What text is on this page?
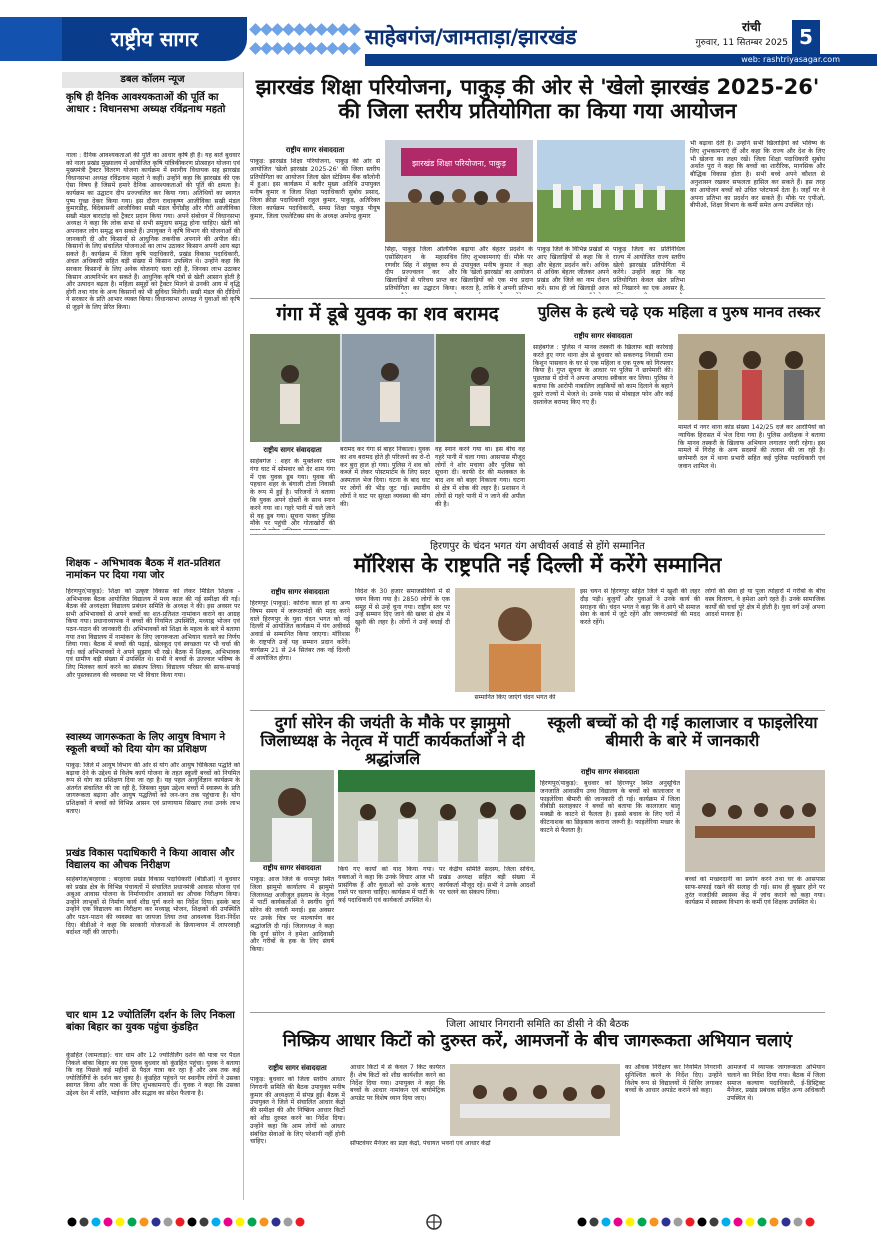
राष्ट्रीय सागर
	साहेबगंज/जामताड़ा/झारखंड	रांची
गुरुवार, 11 सितम्बर 2025 5
web: rashtriyasagar.com
डबल कॉलम न्यूज
कृषि ही दैनिक आवश्यकताओं की पूर्ति का आधार : विधानसभा अध्यक्ष रविंद्रनाथ महतो
नाला : दैनिक आवश्यकताओं की पूर्ति का आधार कृषि ही है। यह बातें बुधवार को नाला प्रखंड मुख्यालय में आयोजित कृषि यांत्रिकीकरण प्रोत्साहन योजना एवं मुख्यमंत्री ट्रैक्टर वितरण योजना कार्यक्रम में स्थानीय विधायक सह झारखंड विधानसभा अध्यक्ष रविंद्रनाथ महतो ने कहीं। उन्होंने कहा कि झारखंड की एक ऐसा विषय है जिसमें हमारे दैनिक आवश्यकताओं की पूर्ति की क्षमता है। कार्यक्रम का उद्घाटन दीप प्रज्ज्वलित कर किया गया। अतिथियों का स्वागत पुष्प गुच्छ देकर किया गया। इस दौरान राधाकृष्ण आजीविका सखी मंडल कुमारडीह, बिंदेबासनी आजीविका सखी मंडल चेंगोडीह और गौरी आजीविका सखी मंडल बाराटांड़ को ट्रैक्टर प्रदान किया गया। अपने संबोधन में विधानसभा अध्यक्ष ने कहा कि लोक सभा से सभी समुदाय समृद्ध होना चाहिए। खेती को अपनाकर लोग समृद्ध बन सकते हैं। उपायुक्त ने कृषि विभाग की योजनाओं की जानकारी दी और किसानों से आधुनिक तकनीक अपनाने की अपील की। किसानों के लिए संचालित योजनाओं का लाभ उठाकर किसान अपनी आय बढ़ा सकते हैं। कार्यक्रम में जिला कृषि पदाधिकारी, प्रखंड विकास पदाधिकारी, अंचल अधिकारी सहित बड़ी संख्या में किसान उपस्थित थे। उन्होंने कहा कि सरकार किसानों के लिए अनेक योजनाएं चला रही है, जिनका लाभ उठाकर किसान आत्मनिर्भर बन सकते हैं। आधुनिक कृषि यंत्रों से खेती आसान होती है और उत्पादन बढ़ता है। महिला समूहों को ट्रैक्टर मिलने से उनकी आय में वृद्धि होगी तथा गांव के अन्य किसानों को भी सुविधा मिलेगी। सखी मंडल की दीदियों ने सरकार के प्रति आभार व्यक्त किया। विधानसभा अध्यक्ष ने युवाओं को कृषि से जुड़ने के लिए प्रेरित किया।
शिक्षक - अभिभावक बैठक में शत-प्रतिशत नामांकन पर दिया गया जोर
हिरणपुर(पाकुड़): शिक्षा को उत्कृष्ट विकास को लेकर मिडिल शिक्षक - अभिभावक बैठक आयोजित विद्यालय में मध्य काल की नई समीक्षा की गई। बैठक की अध्यक्षता विद्यालय प्रबंधन समिति के अध्यक्ष ने की। इस अवसर पर सभी अभिभावकों से अपने बच्चों का शत-प्रतिशत नामांकन कराने का आग्रह किया गया। प्रधानाध्यापक ने बच्चों की नियमित उपस्थिति, मध्याह्न भोजन एवं पठन-पाठन की जानकारी दी। अभिभावकों को शिक्षा के महत्व के बारे में बताया गया तथा विद्यालय में नामांकन के लिए जागरूकता अभियान चलाने का निर्णय लिया गया। बैठक में बच्चों की पढ़ाई, खेलकूद एवं स्वच्छता पर भी चर्चा की गई। कई अभिभावकों ने अपने सुझाव भी रखे। बैठक में शिक्षक, अभिभावक एवं ग्रामीण बड़ी संख्या में उपस्थित थे। सभी ने बच्चों के उज्ज्वल भविष्य के लिए मिलकर कार्य करने का संकल्प लिया। विद्यालय परिसर की साफ-सफाई और पुस्तकालय की व्यवस्था पर भी विचार किया गया।
स्वास्थ्य जागरूकता के लिए आयुष विभाग ने स्कूली बच्चों को दिया योग का प्रशिक्षण
पाकुड़: जिले में आयुष विभाग की ओर से योग और आयुष चिकित्सा पद्धति को बढ़ावा देने के उद्देश्य से विशेष कार्य योजना के तहत स्कूली बच्चों को नियमित रूप से योग का प्रशिक्षण दिया जा रहा है। यह पहल आयुर्विज्ञान कार्यक्रम के अंतर्गत संचालित की जा रही है, जिसका मुख्य उद्देश्य बच्चों में स्वास्थ्य के प्रति जागरूकता बढ़ाना और आयुष पद्धतियों को जन-जन तक पहुंचाना है। योग प्रशिक्षकों ने बच्चों को विभिन्न आसन एवं प्राणायाम सिखाए तथा उनके लाभ बताए।
प्रखंड विकास पदाधिकारी ने किया आवास और विद्यालय का औचक निरीक्षण
साहेबगंज/बरहरवा : बरहरवा प्रखंड विकास पदाधिकारी (बीडीओ) ने बुधवार को प्रखंड क्षेत्र के विभिन्न पंचायतों में संचालित प्रधानमंत्री आवास योजना एवं अबुआ आवास योजना के निर्माणाधीन आवासों का औचक निरीक्षण किया। उन्होंने लाभुकों से निर्माण कार्य शीघ्र पूर्ण करने का निर्देश दिया। इसके बाद उन्होंने एक विद्यालय का निरीक्षण कर मध्याह्न भोजन, शिक्षकों की उपस्थिति और पठन-पाठन की व्यवस्था का जायजा लिया तथा आवश्यक दिशा-निर्देश दिए। बीडीओ ने कहा कि सरकारी योजनाओं के क्रियान्वयन में लापरवाही बर्दाश्त नहीं की जाएगी।
चार धाम 12 ज्योतिर्लिंग दर्शन के लिए निकला बांका बिहार का युवक पहुंचा कुंडहित
कुंडहित (जामताड़ा): चार धाम और 12 ज्योतिर्लिंग दर्शन की यात्रा पर पैदल निकले बांका बिहार का एक युवक बुधवार को कुंडहित पहुंचा। युवक ने बताया कि वह पिछले कई महीनों से पैदल यात्रा कर रहा है और अब तक कई ज्योतिर्लिंगों के दर्शन कर चुका है। कुंडहित पहुंचने पर स्थानीय लोगों ने उसका स्वागत किया और यात्रा के लिए शुभकामनाएं दीं। युवक ने कहा कि उसका उद्देश्य देश में शांति, भाईचारा और सद्भाव का संदेश फैलाना है।
झारखंड शिक्षा परियोजना, पाकुड़ की ओर से 'खेलो झारखंड 2025-26' की जिला स्तरीय प्रतियोगिता का किया गया आयोजन
राष्ट्रीय सागर संवाददाता
पाकुड़: झारखंड शिक्षा परियोजना, पाकुड़ की ओर से आयोजित 'खेलो झारखंड 2025-26' की जिला स्तरीय प्रतियोगिता का आयोजन जिला खेल स्टेडियम बैंक कॉलोनी में हुआ। इस कार्यक्रम में बतौर मुख्य अतिथि उपायुक्त मनीष कुमार व जिला शिक्षा पदाधिकारी सुबोध प्रसाद, जिला क्रीड़ा पदाधिकारी राहुल कुमार, पाकुड़, अतिरिक्त जिला कार्यक्रम पदाधिकारी, समग्र शिक्षा पाकुड़ पीयूष कुमार, जिला एथलेटिक्स संघ के अध्यक्ष अमरेन्द्र कुमार
झारखंड शिक्षा परियोजना, पाकुड़
सिंहा, पाकुड़ जिला ओलंपिक एसोसिएशन के महासचिव रणवीर सिंह ने संयुक्त रूप से दीप प्रज्ज्वलन कर और खिलाड़ियों से परिचय प्राप्त कर प्रतियोगिता का उद्घाटन किया।
बढ़ाया और बेहतर प्रदर्शन के लिए शुभकामनाएं दीं। मौके पर उपायुक्त मनीष कुमार ने कहा कि 'खेलो झारखंड' का आयोजन खिलाड़ियों को एक मंच प्रदान करता है, ताकि वे अपनी प्रतिभा
पाकुड़ जिले के विभिन्न प्रखंडों से आए खिलाड़ियों से कहा कि वे और बेहतर प्रदर्शन करें। अधिक से अधिक बेहतर जीतकर अपने प्रखंड और जिले का नाम रोशन करें। साथ ही जो खिलाड़ी आज
पाकुड़ जिला का प्रतिनिधित्व राज्य में आयोजित राज्य स्तरीय खेलो झारखंड प्रतियोगिता में करेंगे। उन्होंने कहा कि यह प्रतियोगिता केवल खेल प्रतिभा को निखारने का एक अवसर है,
भी बढ़ावा देती है। उन्होंने सभी खिलाड़ियों को भविष्य के लिए शुभकामनाएं दीं और कहा कि राज्य और देश के लिए भी खेलना का लक्ष्य रखें। जिला शिक्षा पदाधिकारी सुबोध अर्थात पूरा ने कहा कि बच्चों का शारीरिक, मानसिक और बौद्धिक विकास होता है। सभी बच्चे अपने कौशल से अनुशासन रखकर सफलता हासिल कर सकते हैं। इस तरह का आयोजन बच्चों को उचित प्लेटफार्म देता है। जहाँ पर वे अपना प्रतिभा का प्रदर्शन कर सकते हैं। मौके पर एपीओ, बीपीओ, शिक्षा विभाग के कर्मी समेत अन्य उपस्थित रहे।
गंगा में डूबे युवक का शव बरामद
राष्ट्रीय सागर संवाददाता
साहेबगंज : शहर के मुक्तेश्वर धाम गंगा घाट में सोमवार को देर शाम गंगा में एक युवक डूब गया। युवक की पहचान शहर के बंगाली टोला निवासी के रूप में हुई है। परिजनों ने बताया कि युवक अपने दोस्तों के साथ स्नान करने गया था। गहरे पानी में चले जाने से वह डूब गया। सूचना पाकर पुलिस मौके पर पहुंची और गोताखोरों की
बरामद कर गंगा से बाहर निकाला। युवक का शव बरामद होते ही परिजनों का रो-रो कर बुरा हाल हो गया। पुलिस ने शव को कब्जे में लेकर पोस्टमार्टम के लिए सदर अस्पताल भेज दिया। घटना के बाद घाट पर लोगों की भीड़ जुट गई। स्थानीय लोगों ने घाट पर सुरक्षा व्यवस्था की मांग की।
वह स्नान करने गया था। इस बीच वह गहरे पानी में चला गया। आसपास मौजूद लोगों ने शोर मचाया और पुलिस को सूचना दी। काफी देर की मशक्कत के बाद शव को बाहर निकाला गया। घटना से क्षेत्र में शोक की लहर है। प्रशासन ने लोगों से गहरे पानी में न जाने की अपील की है।
पुलिस के हत्थे चढ़े एक महिला व पुरुष मानव तस्कर
राष्ट्रीय सागर संवाददाता
साहेबगंज : पुलिस ने मानव तस्करी के खिलाफ बड़ी कार्रवाई करते हुए नगर थाना क्षेत्र से बुधवार को सकरुगढ़ निवासी रामा किशुन पासवान के घर से एक महिला व एक पुरुष को गिरफ्तार किया है। गुप्त सूचना के आधार पर पुलिस ने छापेमारी की। पूछताछ में दोनों ने अपना अपराध स्वीकार कर लिया। पुलिस ने बताया कि आरोपी नाबालिग लड़कियों को काम दिलाने के बहाने दूसरे राज्यों में भेजते थे। उनके पास से मोबाइल फोन और कई दस्तावेज बरामद किए गए हैं।
मामले में नगर थाना कांड संख्या 142/25 दर्ज कर आरोपियों को न्यायिक हिरासत में भेज दिया गया है। पुलिस अधीक्षक ने बताया कि मानव तस्करी के खिलाफ अभियान लगातार जारी रहेगा। इस मामले में गिरोह के अन्य सदस्यों की तलाश की जा रही है। छापेमारी दल में थाना प्रभारी सहित कई पुलिस पदाधिकारी एवं जवान शामिल थे।
हिरणपुर के चंदन भगत यंग अचीवर्स अवार्ड से होंगे सम्मानित
मॉरिशस के राष्ट्रपति नई दिल्ली में करेंगे सम्मानित
राष्ट्रीय सागर संवाददाता
हिरणपुर (पाकुड़): कोरोना काल हो या अन्य विषम समय में जरूरतमंदों की मदद करने वाले हिरणपुर के युवा चंदन भगत को नई दिल्ली में आयोजित कार्यक्रम में यंग अचीवर्स अवार्ड से सम्मानित किया जाएगा। मॉरिशस के राष्ट्रपति उन्हें यह सम्मान प्रदान करेंगे। कार्यक्रम 21 से 24 सितंबर तक नई दिल्ली में आयोजित होगा।
विदेश के 30 हजार समाजसेवियों में से चयन किया गया है। 2850 लोगों के एक समूह में से उन्हें चुना गया। राष्ट्रीय स्तर पर उन्हें सम्मान दिए जाने की खबर से क्षेत्र में खुशी की लहर है। लोगों ने उन्हें बधाई दी है।
सम्मानित किए जाएंगे चंदन भगत की
इस चयन से हिरणपुर सहित जिले में खुशी की लहर दौड़ पड़ी। बुजुर्गों और युवाओं ने उनके कार्य की सराहना की। चंदन भगत ने कहा कि वे आगे भी समाज सेवा के कार्य में जुटे रहेंगे और जरूरतमंदों की मदद करते रहेंगे।
लोगों की सेवा हो या पूजा त्योहारों में गरीबों के बीच वस्त्र वितरण, वे हमेशा आगे रहते हैं। उनके सामाजिक कार्यों की चर्चा पूरे क्षेत्र में होती है। युवा वर्ग उन्हें अपना आदर्श मानता है।
दुर्गा सोरेन की जयंती के मौके पर झामुमो जिलाध्यक्ष के नेतृत्व में पार्टी कार्यकर्ताओं ने दी श्रद्धांजलि
राष्ट्रीय सागर संवाददाता
पाकुड़: आज जिले के धरमपुर स्थित जिला झामुमो कार्यालय में झामुमो जिलाध्यक्ष अजीजुल इस्लाम के नेतृत्व में पार्टी कार्यकर्ताओं ने स्वर्गीय दुर्गा सोरेन की जयंती मनाई। इस अवसर पर उनके चित्र पर माल्यार्पण कर श्रद्धांजलि दी गई। जिलाध्यक्ष ने कहा कि दुर्गा सोरेन ने हमेशा आदिवासी और गरीबों के हक के लिए संघर्ष किया।
किये गए कार्यों को याद किया गया। वक्ताओं ने कहा कि उनके विचार आज भी प्रासंगिक हैं और युवाओं को उनके बताए रास्ते पर चलना चाहिए। कार्यक्रम में पार्टी के कई पदाधिकारी एवं कार्यकर्ता उपस्थित थे।
पर केंद्रीय समिति सदस्य, जिला सचिव, प्रखंड अध्यक्ष सहित बड़ी संख्या में कार्यकर्ता मौजूद रहे। सभी ने उनके आदर्शों पर चलने का संकल्प लिया।
स्कूली बच्चों को दी गई कालाजार व फाइलेरिया बीमारी के बारे में जानकारी
राष्ट्रीय सागर संवाददाता
हिरणपुर(पाकुड़): बुधवार को हिरणपुर स्थित अनुसूचित जनजाति आवासीय उच्च विद्यालय के बच्चों को कालाजार व फाइलेरिया बीमारी की जानकारी दी गई। कार्यक्रम में जिला वीबीडी सलाहकार ने बच्चों को बताया कि कालाजार बालू मक्खी के काटने से फैलता है। इससे बचाव के लिए घरों में कीटनाशक का छिड़काव कराना जरूरी है। फाइलेरिया मच्छर के काटने से फैलता है।
बच्चों को मच्छरदानी का प्रयोग करने तथा घर के आसपास साफ-सफाई रखने की सलाह दी गई। साथ ही बुखार होने पर तुरंत नजदीकी स्वास्थ्य केंद्र में जांच कराने को कहा गया। कार्यक्रम में स्वास्थ्य विभाग के कर्मी एवं शिक्षक उपस्थित थे।
जिला आधार निगरानी समिति का डीसी ने की बैठक
निष्क्रिय आधार किटों को दुरुस्त करें, आमजनों के बीच जागरूकता अभियान चलाएं
राष्ट्रीय सागर संवाददाता
पाकुड़: बुधवार को जिला स्तरीय आधार निगरानी समिति की बैठक उपायुक्त मनीष कुमार की अध्यक्षता में संपन्न हुई। बैठक में उपायुक्त ने जिले में संचालित आधार केंद्रों की समीक्षा की और निष्क्रिय आधार किटों को शीघ्र दुरुस्त करने का निर्देश दिया। उन्होंने कहा कि आम लोगों को आधार संबंधित सेवाओं के लिए परेशानी नहीं होनी चाहिए।
आधार किटों में से केवल 7 किट कार्यरत हैं। शेष किटों को शीघ्र कार्यशील करने का निर्देश दिया गया। उपायुक्त ने कहा कि बच्चों के आधार नामांकन एवं बायोमेट्रिक अपडेट पर विशेष ध्यान दिया जाए।
सॉफ्टवेयर मैनेजर का प्रज्ञा केंद्रों, पंचायत भवनों एवं आधार केंद्रों
का औचक निरीक्षण कर नियमित निगरानी सुनिश्चित करने के निर्देश दिए। उन्होंने विशेष रूप से विद्यालयों में शिविर लगाकर बच्चों के आधार अपडेट कराने को कहा।
आमजनों में व्यापक जागरूकता अभियान चलाने का निर्देश दिया गया। बैठक में जिला समाज कल्याण पदाधिकारी, ई-डिस्ट्रिक्ट मैनेजर, प्रखंड प्रबंधक सहित अन्य अधिकारी उपस्थित थे।
